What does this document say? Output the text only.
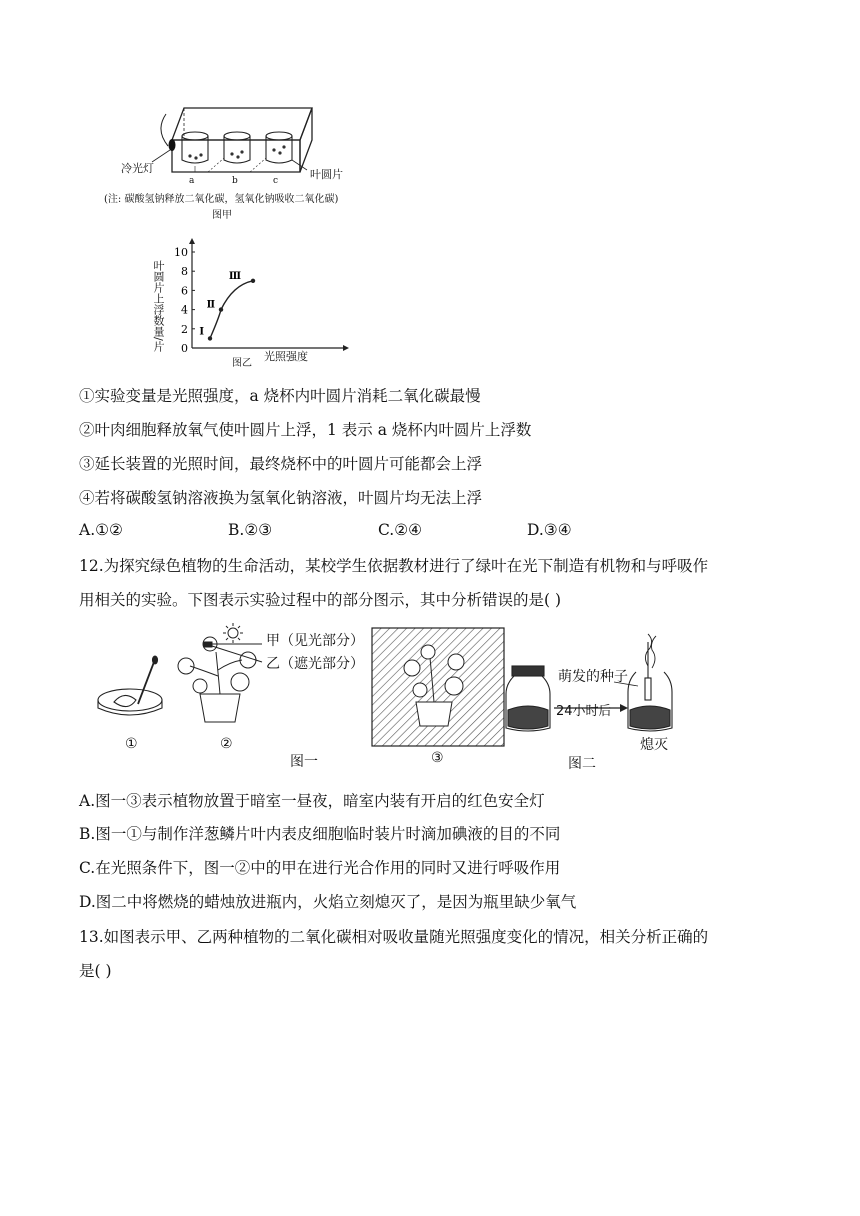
冷光灯	叶圆片
a	b	c
(注: 碳酸氢钠释放二氧化碳，氢氧化钠吸收二氧化碳)
图甲
0
2
4
6
8
10
I
Ⅱ
Ⅲ
叶圆片上浮数量/片
光照强度
图乙
①实验变量是光照强度，a 烧杯内叶圆片消耗二氧化碳最慢
②叶肉细胞释放氧气使叶圆片上浮，1 表示 a 烧杯内叶圆片上浮数
③延长装置的光照时间，最终烧杯中的叶圆片可能都会上浮
④若将碳酸氢钠溶液换为氢氧化钠溶液，叶圆片均无法上浮
A.①②	B.②③	C.②④	D.③④
12.为探究绿色植物的生命活动，某校学生依据教材进行了绿叶在光下制造有机物和与呼吸作
用相关的实验。下图表示实验过程中的部分图示，其中分析错误的是( )
甲（见光部分）
乙（遮光部分）
萌发的种子
24小时后
熄灭
①	②
③
图一	图二
A.图一③表示植物放置于暗室一昼夜，暗室内装有开启的红色安全灯
B.图一①与制作洋葱鳞片叶内表皮细胞临时装片时滴加碘液的目的不同
C.在光照条件下，图一②中的甲在进行光合作用的同时又进行呼吸作用
D.图二中将燃烧的蜡烛放进瓶内，火焰立刻熄灭了，是因为瓶里缺少氧气
13.如图表示甲、乙两种植物的二氧化碳相对吸收量随光照强度变化的情况，相关分析正确的
是( )
